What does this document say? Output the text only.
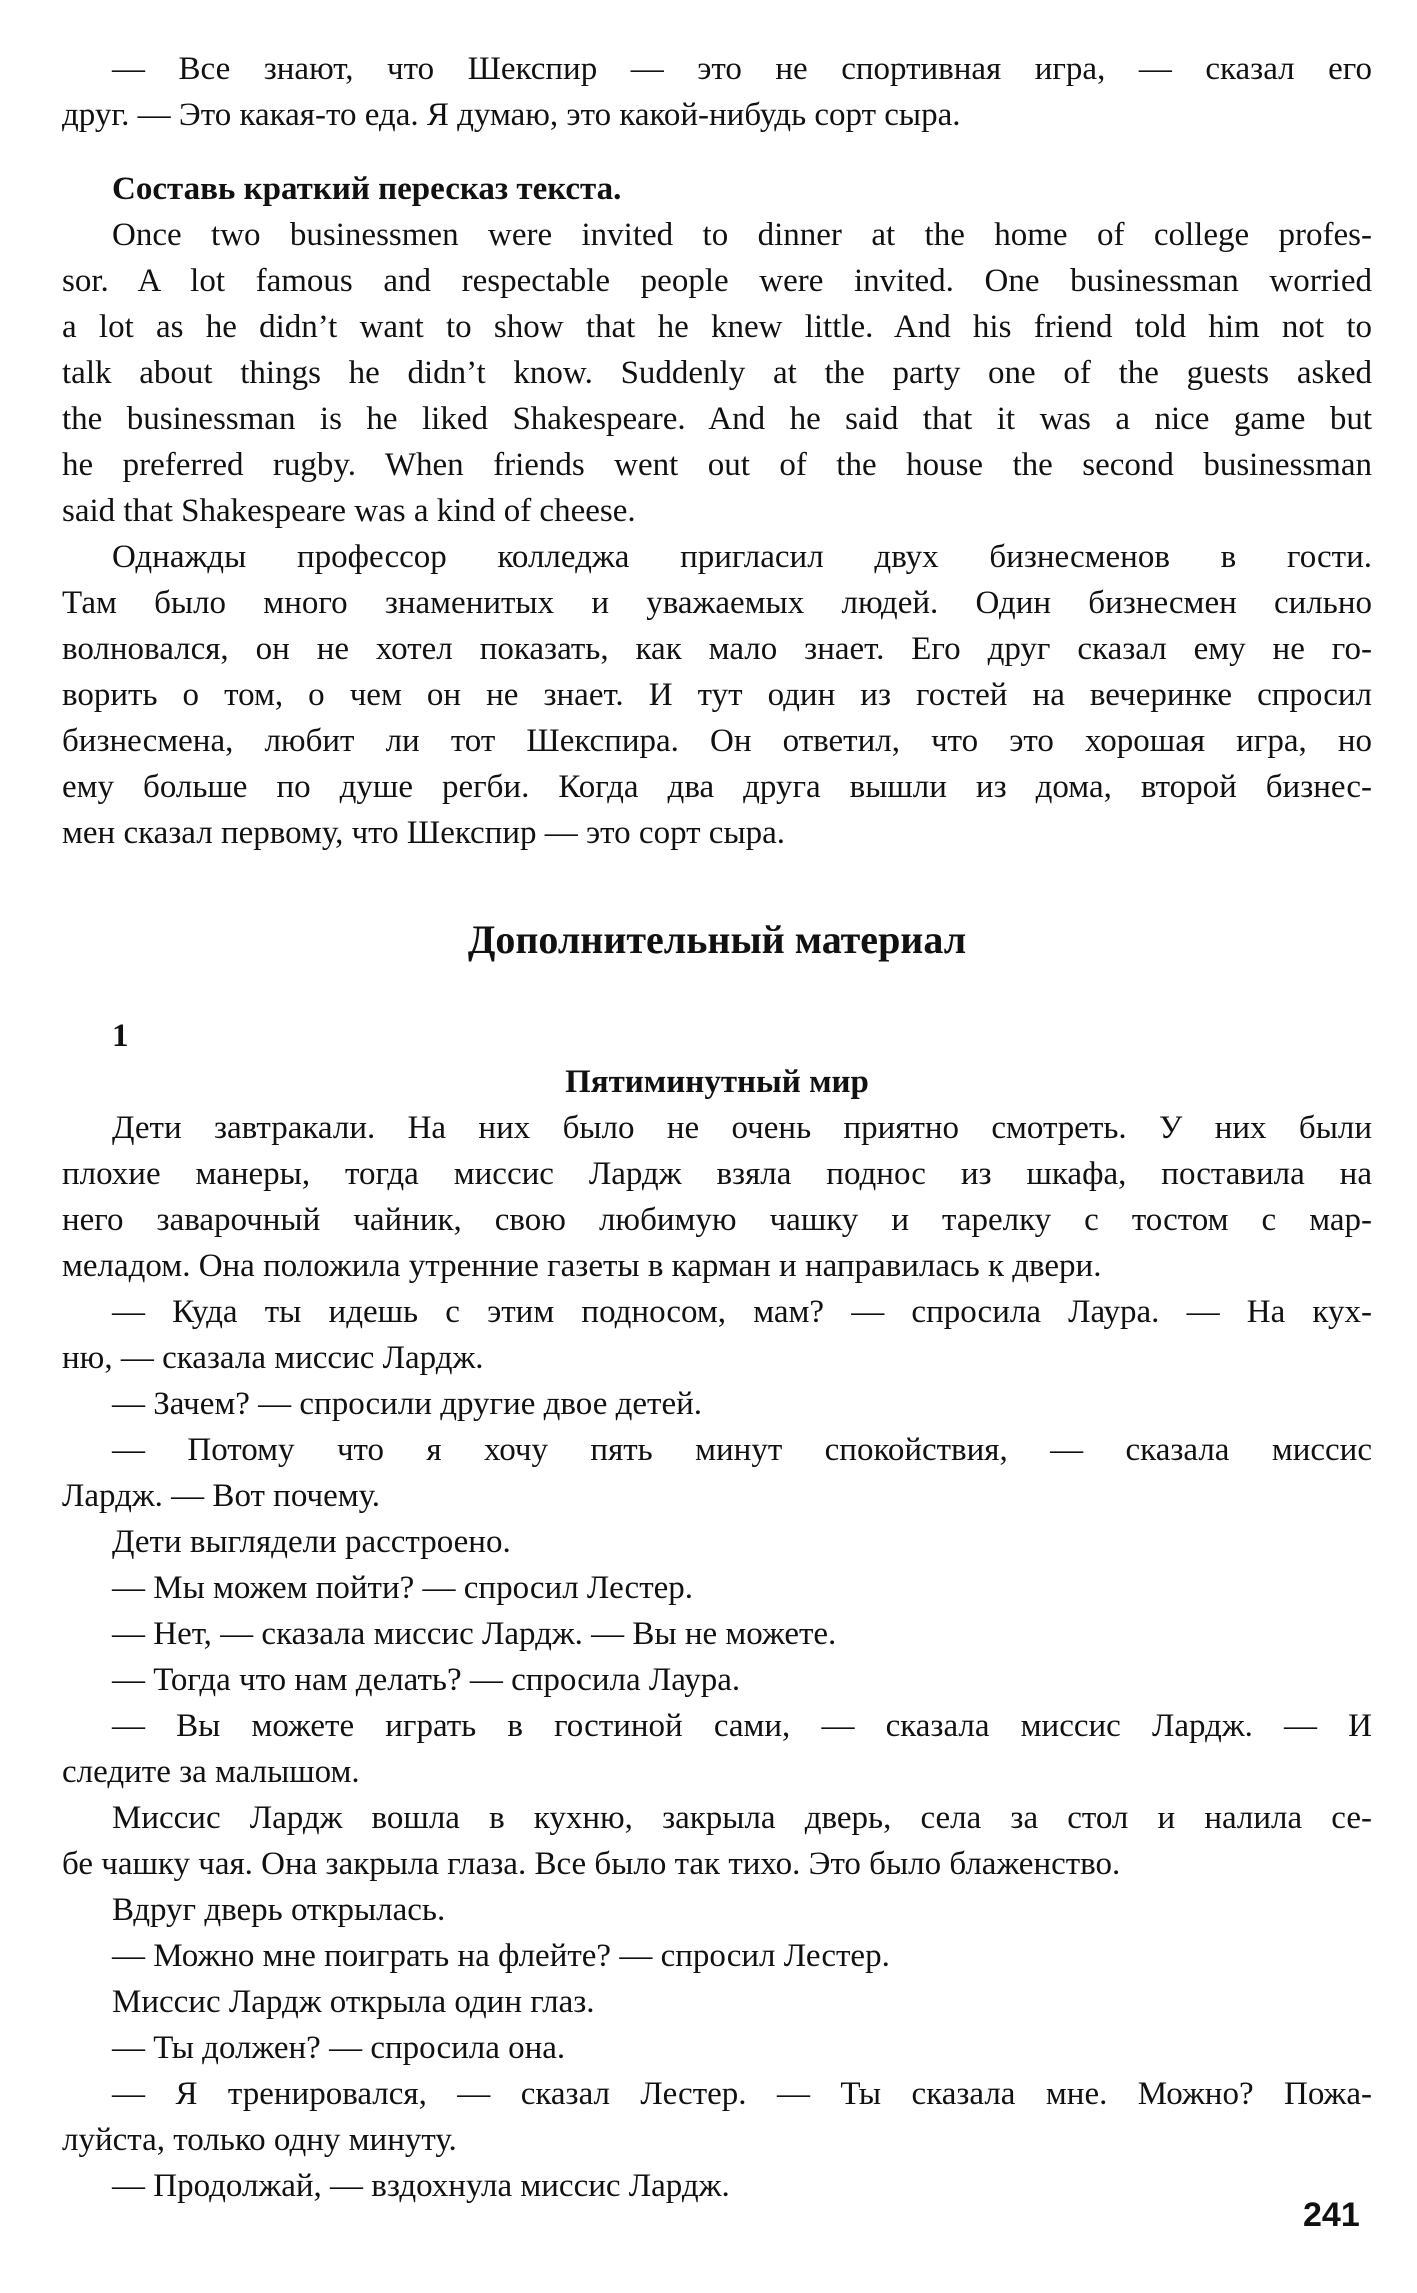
— Все знают, что Шекспир — это не спортивная игра, — сказал его
друг. — Это какая-то еда. Я думаю, это какой-нибудь сорт сыра.
Составь краткий пересказ текста.
Once two businessmen were invited to dinner at the home of college profes-
sor. A lot famous and respectable people were invited. One businessman worried
a lot as he didn’t want to show that he knew little. And his friend told him not to
talk about things he didn’t know. Suddenly at the party one of the guests asked
the businessman is he liked Shakespeare. And he said that it was a nice game but
he preferred rugby. When friends went out of the house the second businessman
said that Shakespeare was a kind of cheese.
Однажды профессор колледжа пригласил двух бизнесменов в гости.
Там было много знаменитых и уважаемых людей. Один бизнесмен сильно
волновался, он не хотел показать, как мало знает. Его друг сказал ему не го-
ворить о том, о чем он не знает. И тут один из гостей на вечеринке спросил
бизнесмена, любит ли тот Шекспира. Он ответил, что это хорошая игра, но
ему больше по душе регби. Когда два друга вышли из дома, второй бизнес-
мен сказал первому, что Шекспир — это сорт сыра.
Дополнительный материал
1
Пятиминутный мир
Дети завтракали. На них было не очень приятно смотреть. У них были
плохие манеры, тогда миссис Лардж взяла поднос из шкафа, поставила на
него заварочный чайник, свою любимую чашку и тарелку с тостом с мар-
меладом. Она положила утренние газеты в карман и направилась к двери.
— Куда ты идешь с этим подносом, мам? — спросила Лаура. — На кух-
ню, — сказала миссис Лардж.
— Зачем? — спросили другие двое детей.
— Потому что я хочу пять минут спокойствия, — сказала миссис
Лардж. — Вот почему.
Дети выглядели расстроено.
— Мы можем пойти? — спросил Лестер.
— Нет, — сказала миссис Лардж. — Вы не можете.
— Тогда что нам делать? — спросила Лаура.
— Вы можете играть в гостиной сами, — сказала миссис Лардж. — И
следите за малышом.
Миссис Лардж вошла в кухню, закрыла дверь, села за стол и налила се-
бе чашку чая. Она закрыла глаза. Все было так тихо. Это было блаженство.
Вдруг дверь открылась.
— Можно мне поиграть на флейте? — спросил Лестер.
Миссис Лардж открыла один глаз.
— Ты должен? — спросила она.
— Я тренировался, — сказал Лестер. — Ты сказала мне. Можно? Пожа-
луйста, только одну минуту.
— Продолжай, — вздохнула миссис Лардж.
241
